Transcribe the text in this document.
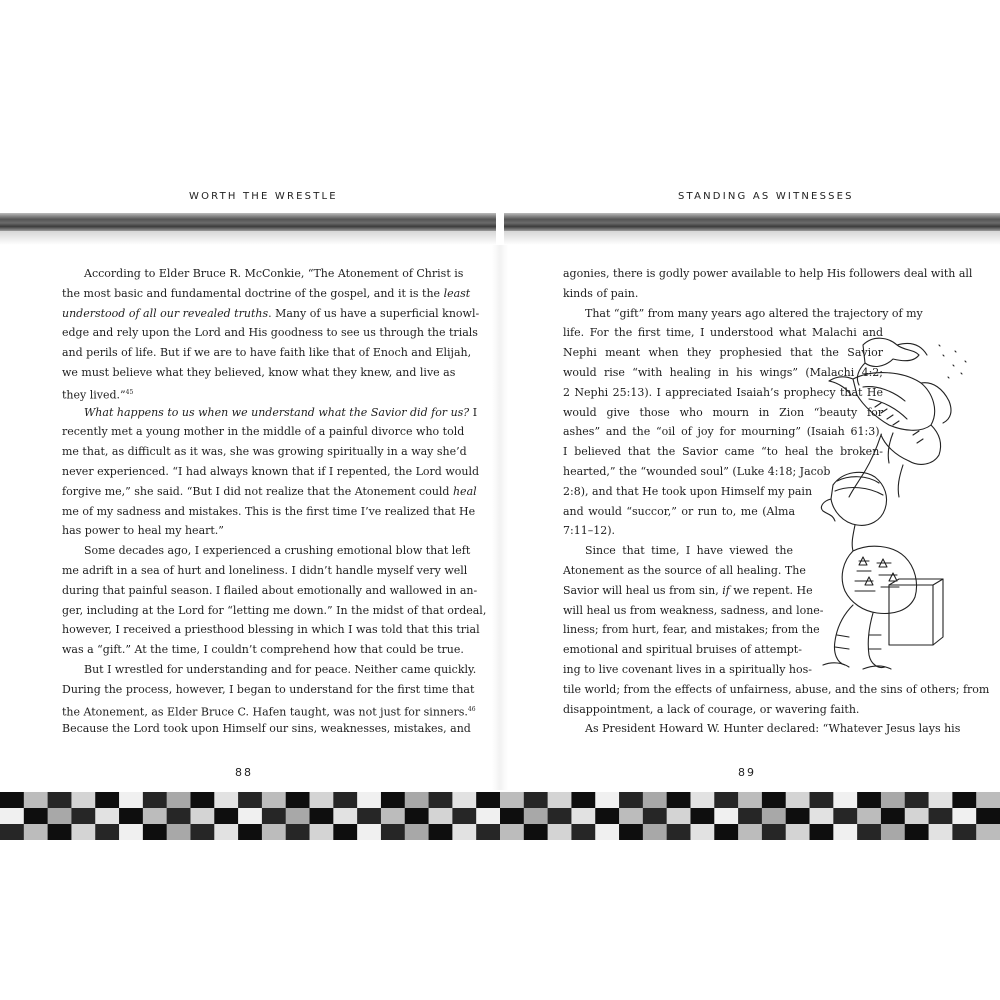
WORTH THE WRESTLE	STANDING AS WITNESSES
According to Elder Bruce R. McConkie, “The Atonement of Christ is
the most basic and fundamental doctrine of the gospel, and it is the least
understood of all our revealed truths. Many of us have a superficial knowl-
edge and rely upon the Lord and His goodness to see us through the trials
and perils of life. But if we are to have faith like that of Enoch and Elijah,
we must believe what they believed, know what they knew, and live as
they lived.”$^{45}$
What happens to us when we understand what the Savior did for us? I
recently met a young mother in the middle of a painful divorce who told
me that, as difficult as it was, she was growing spiritually in a way she’d
never experienced. “I had always known that if I repented, the Lord would
forgive me,” she said. “But I did not realize that the Atonement could heal
me of my sadness and mistakes. This is the first time I’ve realized that He
has power to heal my heart.”
Some decades ago, I experienced a crushing emotional blow that left
me adrift in a sea of hurt and loneliness. I didn’t handle myself very well
during that painful season. I flailed about emotionally and wallowed in an-
ger, including at the Lord for “letting me down.” In the midst of that ordeal,
however, I received a priesthood blessing in which I was told that this trial
was a “gift.” At the time, I couldn’t comprehend how that could be true.
But I wrestled for understanding and for peace. Neither came quickly.
During the process, however, I began to understand for the first time that
the Atonement, as Elder Bruce C. Hafen taught, was not just for sinners.$^{46}$
Because the Lord took upon Himself our sins, weaknesses, mistakes, and
agonies, there is godly power available to help His followers deal with all
kinds of pain.
That “gift” from many years ago altered the trajectory of my
life. For the first time, I understood what Malachi and
Nephi meant when they prophesied that the Savior
would rise “with healing in his wings” (Malachi 4:2;
2 Nephi 25:13). I appreciated Isaiah’s prophecy that He
would give those who mourn in Zion “beauty for
ashes” and the “oil of joy for mourning” (Isaiah 61:3).
I believed that the Savior came “to heal the broken-
hearted,” the “wounded soul” (Luke 4:18; Jacob
2:8), and that He took upon Himself my pain
and would “succor,” or run to, me (Alma
7:11–12).
Since that time, I have viewed the
Atonement as the source of all healing. The
Savior will heal us from sin, if we repent. He
will heal us from weakness, sadness, and lone-
liness; from hurt, fear, and mistakes; from the
emotional and spiritual bruises of attempt-
ing to live covenant lives in a spiritually hos-
tile world; from the effects of unfairness, abuse, and the sins of others; from
disappointment, a lack of courage, or wavering faith.
As President Howard W. Hunter declared: “Whatever Jesus lays his
88	89
